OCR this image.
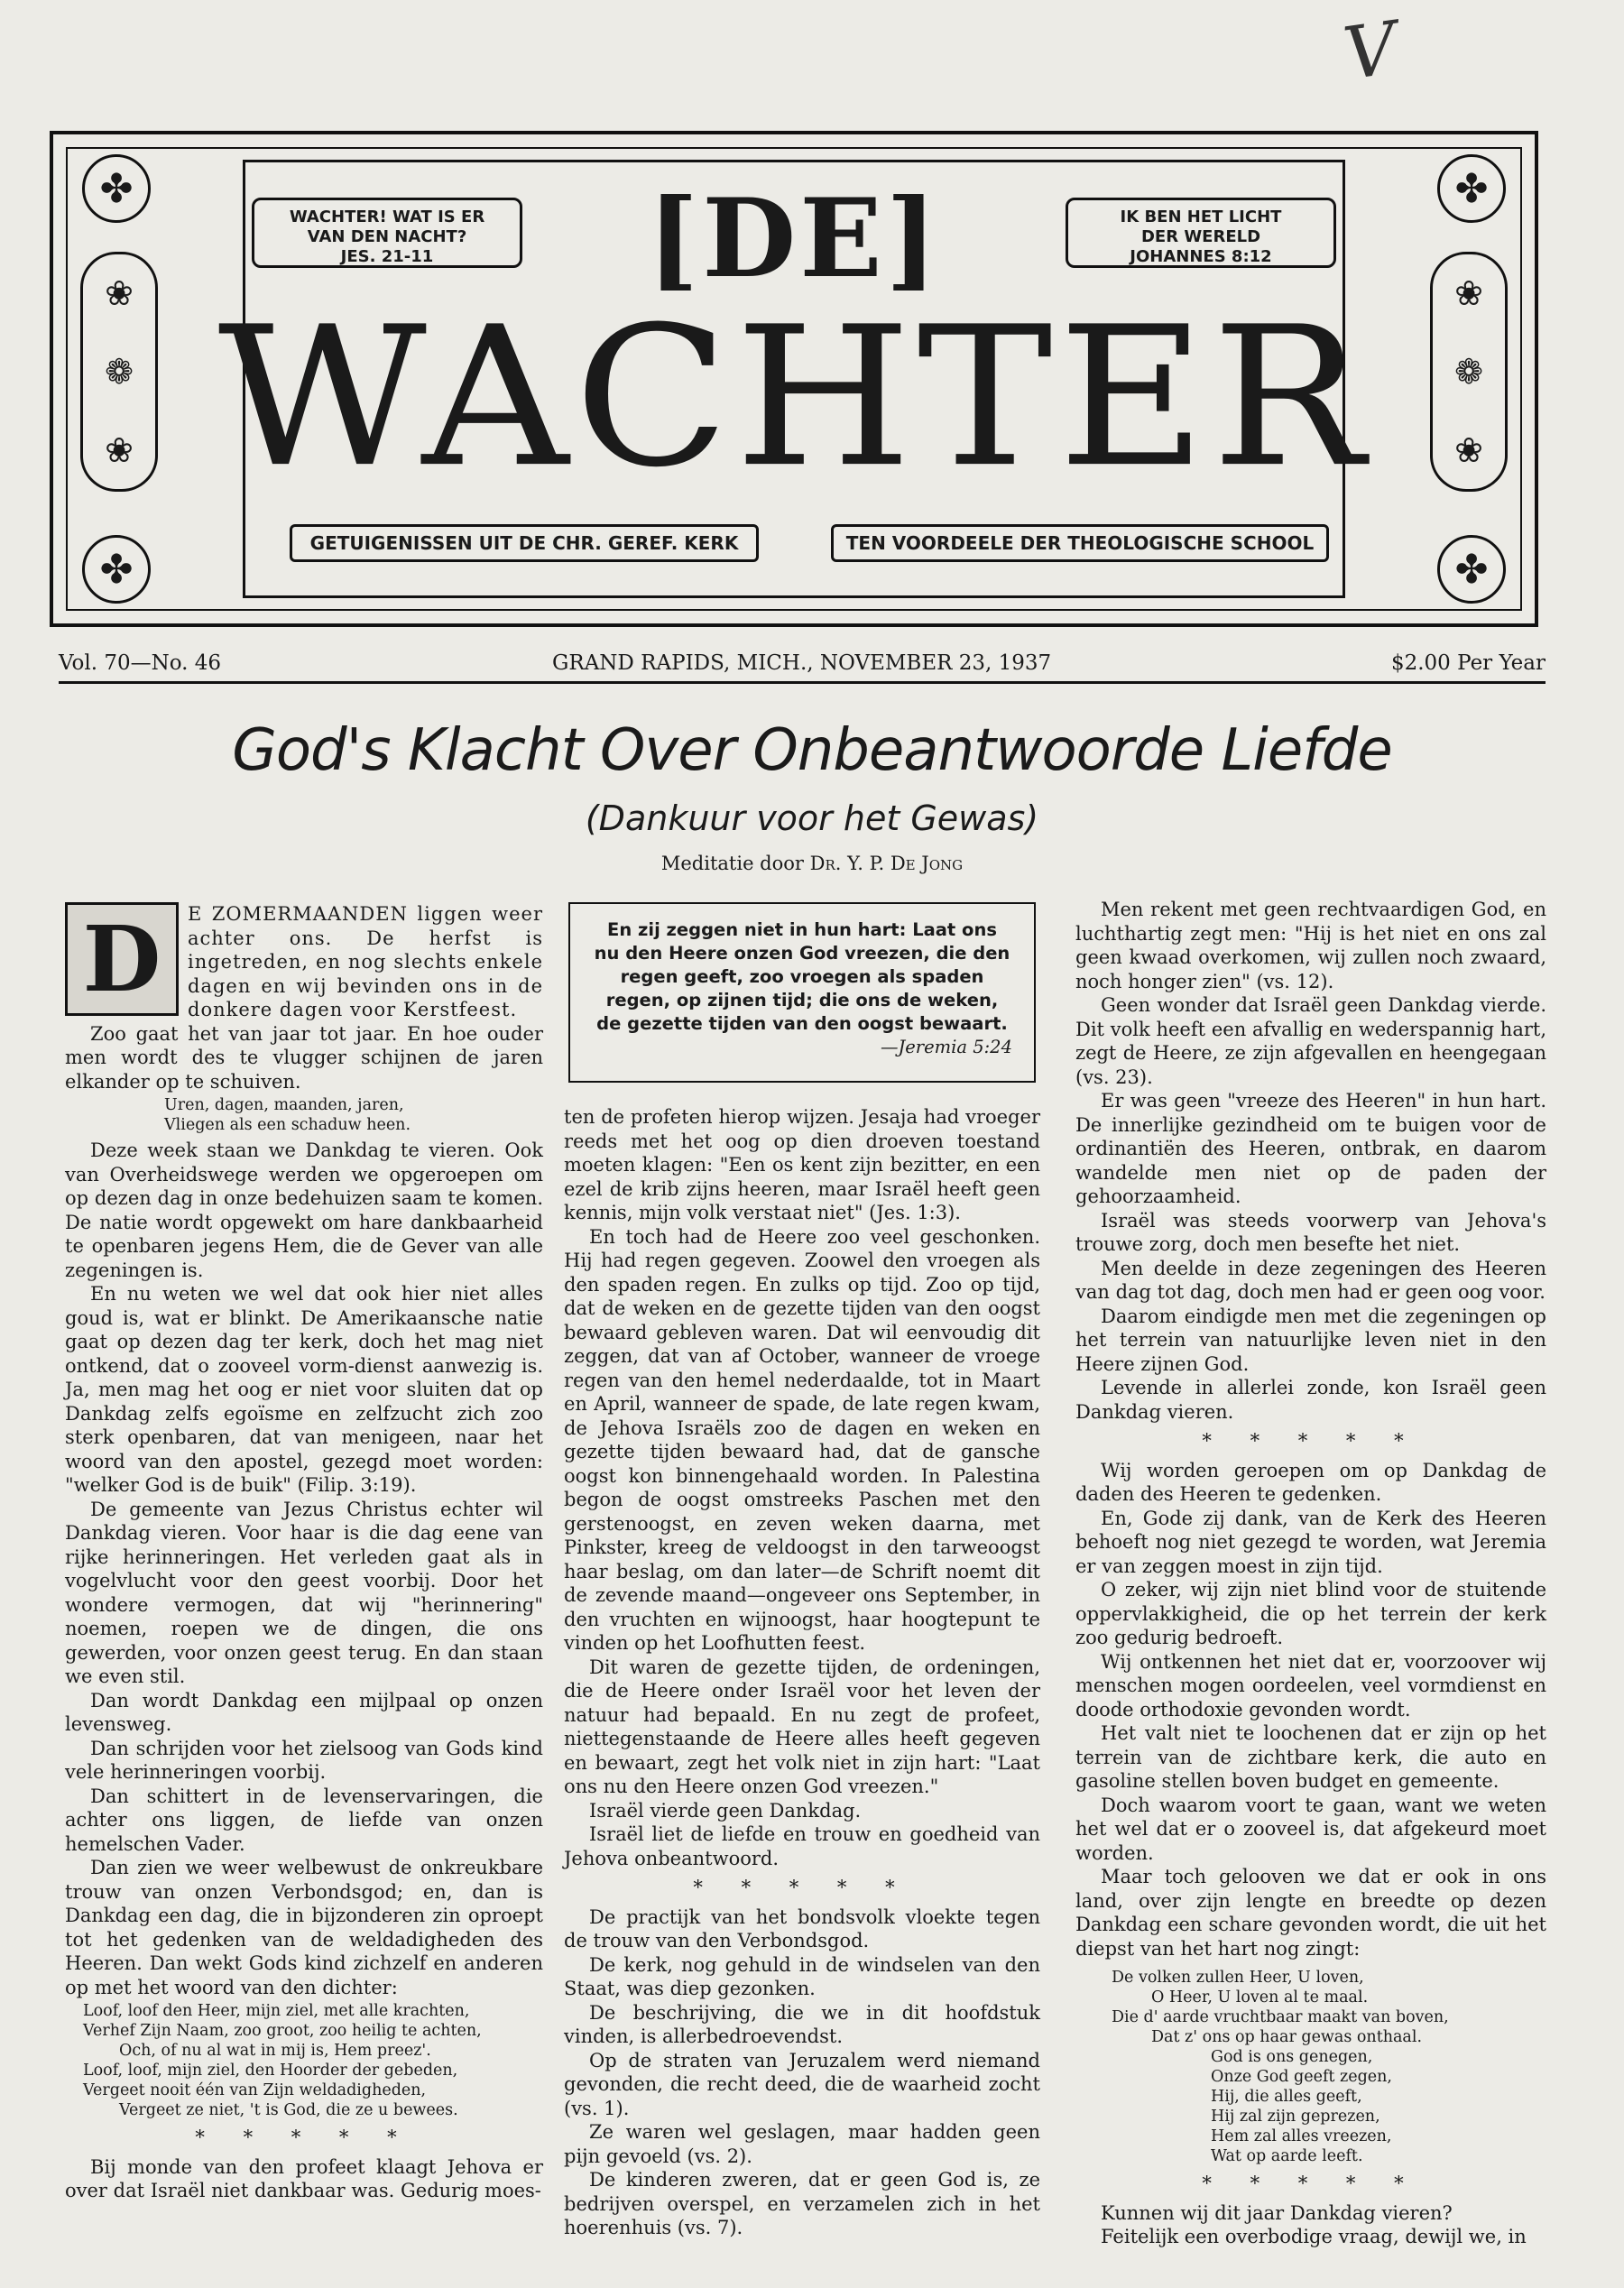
V
✤	✤
✤	✤
❀
❁
❀
❀
❁
❀
WACHTER! WAT IS ER
VAN DEN NACHT?
JES. 21-11
IK BEN HET LICHT
DER WERELD
JOHANNES 8:12
[DE]
WACHTER
GETUIGENISSEN UIT DE CHR. GEREF. KERK	TEN VOORDEELE DER THEOLOGISCHE SCHOOL
Vol. 70—No. 46	GRAND RAPIDS, MICH., NOVEMBER 23, 1937	$2.00 Per Year
God's Klacht Over Onbeantwoorde Liefde
(Dankuur voor het Gewas)
Meditatie door Dr. Y. P. De Jong
D	E ZOMERMAANDEN liggen weer achter ons. De herfst is ingetreden, en nog slechts enkele dagen en wij bevinden ons in de donkere dagen voor Kerstfeest.

Zoo gaat het van jaar tot jaar. En hoe ouder men wordt des te vlugger schijnen de jaren elkander op te schuiven.

Uren, dagen, maanden, jaren,
Vliegen als een schaduw heen.

Deze week staan we Dankdag te vieren. Ook van Overheidswege werden we opgeroepen om op dezen dag in onze bedehuizen saam te komen. De natie wordt opgewekt om hare dankbaarheid te openbaren jegens Hem, die de Gever van alle zegeningen is.

En nu weten we wel dat ook hier niet alles goud is, wat er blinkt. De Amerikaansche natie gaat op dezen dag ter kerk, doch het mag niet ontkend, dat o zooveel vorm-dienst aanwezig is. Ja, men mag het oog er niet voor sluiten dat op Dankdag zelfs egoïsme en zelfzucht zich zoo sterk openbaren, dat van menigeen, naar het woord van den apostel, gezegd moet worden: "welker God is de buik" (Filip. 3:19).

De gemeente van Jezus Christus echter wil Dankdag vieren. Voor haar is die dag eene van rijke herinneringen. Het verleden gaat als in vogelvlucht voor den geest voorbij. Door het wondere vermogen, dat wij "herinnering" noemen, roepen we de dingen, die ons gewerden, voor onzen geest terug. En dan staan we even stil.

Dan wordt Dankdag een mijlpaal op onzen levensweg.

Dan schrijden voor het zielsoog van Gods kind vele herinneringen voorbij.

Dan schittert in de levenservaringen, die achter ons liggen, de liefde van onzen hemelschen Vader.

Dan zien we weer welbewust de onkreukbare trouw van onzen Verbondsgod; en, dan is Dankdag een dag, die in bijzonderen zin oproept tot het gedenken van de weldadigheden des Heeren. Dan wekt Gods kind zichzelf en anderen op met het woord van den dichter:

Loof, loof den Heer, mijn ziel, met alle krachten,
Verhef Zijn Naam, zoo groot, zoo heilig te achten,
Och, of nu al wat in mij is, Hem preez'.
Loof, loof, mijn ziel, den Hoorder der gebeden,
Vergeet nooit één van Zijn weldadigheden,
Vergeet ze niet, 't is God, die ze u bewees.
* * * * *

Bij monde van den profeet klaagt Jehova er over dat Israël niet dankbaar was. Gedurig moes-

En zij zeggen niet in hun hart: Laat ons nu den Heere onzen God vreezen, die den regen geeft, zoo vroegen als spaden regen, op zijnen tijd; die ons de weken, de gezette tijden van den oogst bewaart.
—Jeremia 5:24

ten de profeten hierop wijzen. Jesaja had vroeger reeds met het oog op dien droeven toestand moeten klagen: "Een os kent zijn bezitter, en een ezel de krib zijns heeren, maar Israël heeft geen kennis, mijn volk verstaat niet" (Jes. 1:3).

En toch had de Heere zoo veel geschonken. Hij had regen gegeven. Zoowel den vroegen als den spaden regen. En zulks op tijd. Zoo op tijd, dat de weken en de gezette tijden van den oogst bewaard gebleven waren. Dat wil eenvoudig dit zeggen, dat van af October, wanneer de vroege regen van den hemel nederdaalde, tot in Maart en April, wanneer de spade, de late regen kwam, de Jehova Israëls zoo de dagen en weken en gezette tijden bewaard had, dat de gansche oogst kon binnengehaald worden. In Palestina begon de oogst omstreeks Paschen met den gerstenoogst, en zeven weken daarna, met Pinkster, kreeg de veldoogst in den tarweoogst haar beslag, om dan later—de Schrift noemt dit de zevende maand—ongeveer ons September, in den vruchten en wijnoogst, haar hoogtepunt te vinden op het Loofhutten feest.

Dit waren de gezette tijden, de ordeningen, die de Heere onder Israël voor het leven der natuur had bepaald. En nu zegt de profeet, niettegenstaande de Heere alles heeft gegeven en bewaart, zegt het volk niet in zijn hart: "Laat ons nu den Heere onzen God vreezen."

Israël vierde geen Dankdag.

Israël liet de liefde en trouw en goedheid van Jehova onbeantwoord.

* * * * *

De practijk van het bondsvolk vloekte tegen de trouw van den Verbondsgod.

De kerk, nog gehuld in de windselen van den Staat, was diep gezonken.

De beschrijving, die we in dit hoofdstuk vinden, is allerbedroevendst.

Op de straten van Jeruzalem werd niemand gevonden, die recht deed, die de waarheid zocht (vs. 1).

Ze waren wel geslagen, maar hadden geen pijn gevoeld (vs. 2).

De kinderen zweren, dat er geen God is, ze bedrijven overspel, en verzamelen zich in het hoerenhuis (vs. 7).

Men rekent met geen rechtvaardigen God, en luchthartig zegt men: "Hij is het niet en ons zal geen kwaad overkomen, wij zullen noch zwaard, noch honger zien" (vs. 12).

Geen wonder dat Israël geen Dankdag vierde. Dit volk heeft een afvallig en wederspannig hart, zegt de Heere, ze zijn afgevallen en heengegaan (vs. 23).

Er was geen "vreeze des Heeren" in hun hart. De innerlijke gezindheid om te buigen voor de ordinantiën des Heeren, ontbrak, en daarom wandelde men niet op de paden der gehoorzaamheid.

Israël was steeds voorwerp van Jehova's trouwe zorg, doch men besefte het niet.

Men deelde in deze zegeningen des Heeren van dag tot dag, doch men had er geen oog voor.

Daarom eindigde men met die zegeningen op het terrein van natuurlijke leven niet in den Heere zijnen God.

Levende in allerlei zonde, kon Israël geen Dankdag vieren.

* * * * *

Wij worden geroepen om op Dankdag de daden des Heeren te gedenken.

En, Gode zij dank, van de Kerk des Heeren behoeft nog niet gezegd te worden, wat Jeremia er van zeggen moest in zijn tijd.

O zeker, wij zijn niet blind voor de stuitende oppervlakkigheid, die op het terrein der kerk zoo gedurig bedroeft.

Wij ontkennen het niet dat er, voorzoover wij menschen mogen oordeelen, veel vormdienst en doode orthodoxie gevonden wordt.

Het valt niet te loochenen dat er zijn op het terrein van de zichtbare kerk, die auto en gasoline stellen boven budget en gemeente.

Doch waarom voort te gaan, want we weten het wel dat er o zooveel is, dat afgekeurd moet worden.

Maar toch gelooven we dat er ook in ons land, over zijn lengte en breedte op dezen Dankdag een schare gevonden wordt, die uit het diepst van het hart nog zingt:

De volken zullen Heer, U loven,
O Heer, U loven al te maal.
Die d' aarde vruchtbaar maakt van boven,
Dat z' ons op haar gewas onthaal.
God is ons genegen,
Onze God geeft zegen,
Hij, die alles geeft,
Hij zal zijn geprezen,
Hem zal alles vreezen,
Wat op aarde leeft.
* * * * *

Kunnen wij dit jaar Dankdag vieren?

Feitelijk een overbodige vraag, dewijl we, in
